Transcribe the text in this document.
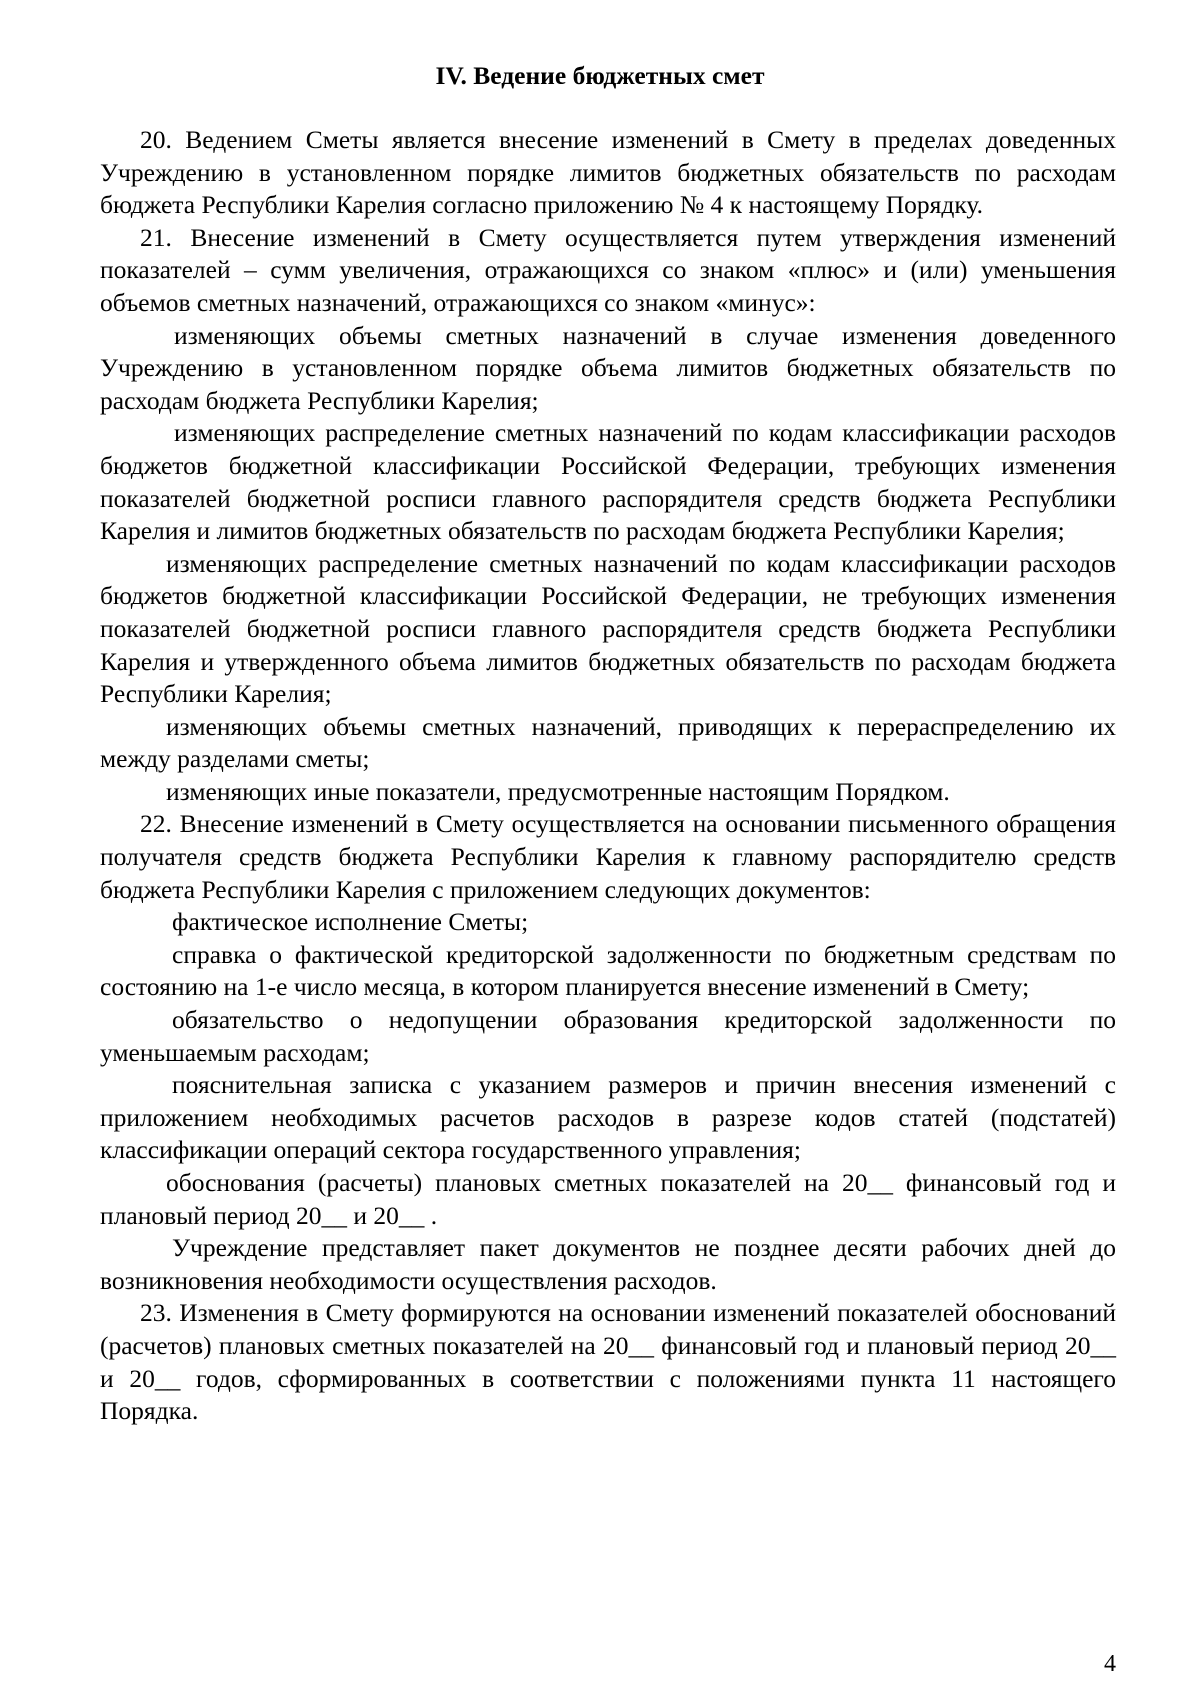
IV. Ведение бюджетных смет

20. Ведением Сметы является внесение изменений в Смету в пределах доведенных Учреждению в установленном порядке лимитов бюджетных обязательств по расходам бюджета Республики Карелия согласно приложению № 4 к настоящему Порядку.

21. Внесение изменений в Смету осуществляется путем утверждения изменений показателей – сумм увеличения, отражающихся со знаком «плюс» и (или) уменьшения объемов сметных назначений, отражающихся со знаком «минус»:

изменяющих объемы сметных назначений в случае изменения доведенного Учреждению в установленном порядке объема лимитов бюджетных обязательств по расходам бюджета Республики Карелия;

изменяющих распределение сметных назначений по кодам классификации расходов бюджетов бюджетной классификации Российской Федерации, требующих изменения показателей бюджетной росписи главного распорядителя средств бюджета Республики Карелия и лимитов бюджетных обязательств по расходам бюджета Республики Карелия;

изменяющих распределение сметных назначений по кодам классификации расходов бюджетов бюджетной классификации Российской Федерации, не требующих изменения показателей бюджетной росписи главного распорядителя средств бюджета Республики Карелия и утвержденного объема лимитов бюджетных обязательств по расходам бюджета Республики Карелия;

изменяющих объемы сметных назначений, приводящих к перераспределению их между разделами сметы;

изменяющих иные показатели, предусмотренные настоящим Порядком.

22. Внесение изменений в Смету осуществляется на основании письменного обращения получателя средств бюджета Республики Карелия к главному распорядителю средств бюджета Республики Карелия с приложением следующих документов:

фактическое исполнение Сметы;

справка о фактической кредиторской задолженности по бюджетным средствам по состоянию на 1-е число месяца, в котором планируется внесение изменений в Смету;

обязательство о недопущении образования кредиторской задолженности по уменьшаемым расходам;

пояснительная записка с указанием размеров и причин внесения изменений с приложением необходимых расчетов расходов в разрезе кодов статей (подстатей) классификации операций сектора государственного управления;

обоснования (расчеты) плановых сметных показателей на 20__ финансовый год и плановый период 20__ и 20__ .

Учреждение представляет пакет документов не позднее десяти рабочих дней до возникновения необходимости осуществления расходов.

23. Изменения в Смету формируются на основании изменений показателей обоснований (расчетов) плановых сметных показателей на 20__ финансовый год и плановый период 20__ и 20__ годов, сформированных в соответствии с положениями пункта 11 настоящего Порядка.

4
